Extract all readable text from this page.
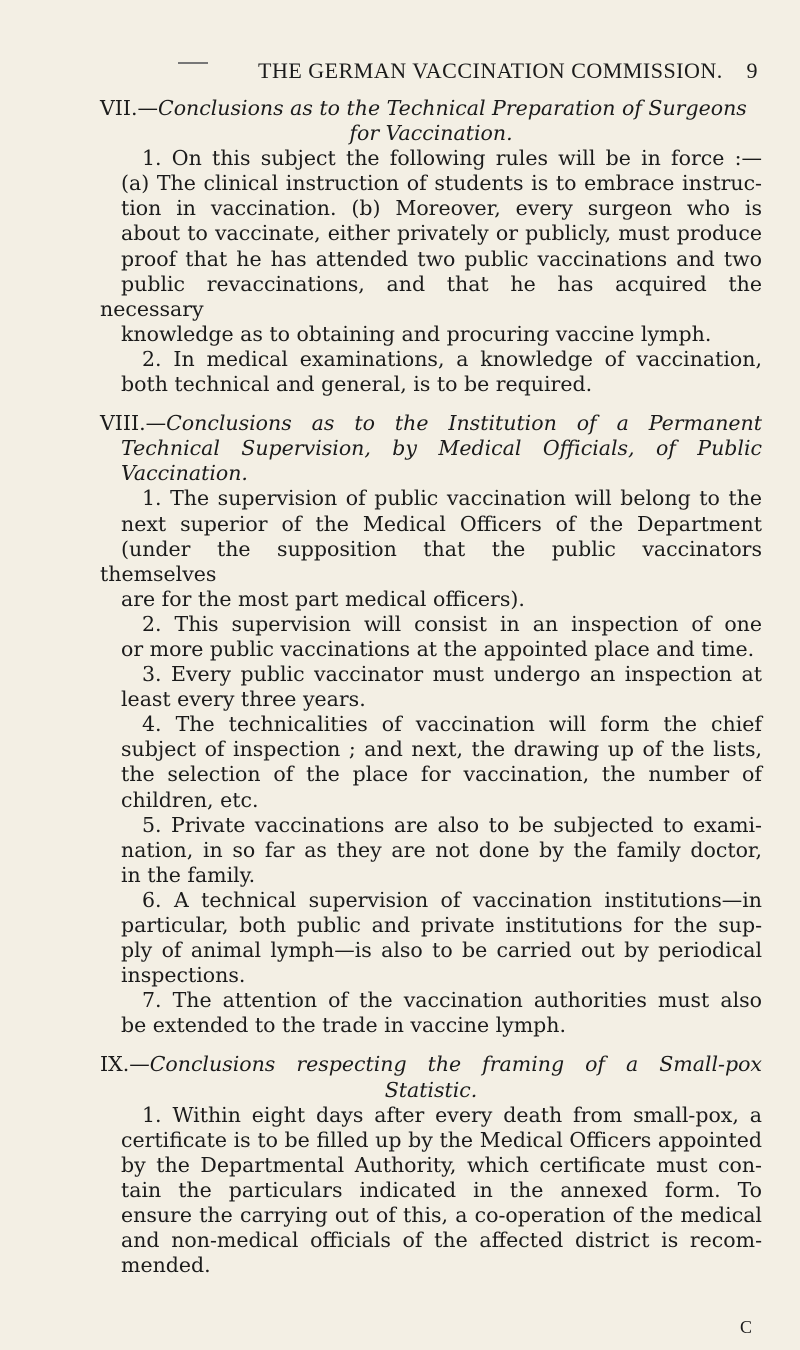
THE GERMAN VACCINATION COMMISSION. 9
VII.—Conclusions as to the Technical Preparation of Surgeons
for Vaccination.
1. On this subject the following rules will be in force :—
(a) The clinical instruction of students is to embrace instruc-
tion in vaccination. (b) Moreover, every surgeon who is
about to vaccinate, either privately or publicly, must produce
proof that he has attended two public vaccinations and two
public revaccinations, and that he has acquired the necessary
knowledge as to obtaining and procuring vaccine lymph.
2. In medical examinations, a knowledge of vaccination,
both technical and general, is to be required.
VIII.—Conclusions as to the Institution of a Permanent
Technical Supervision, by Medical Officials, of Public
Vaccination.
1. The supervision of public vaccination will belong to the
next superior of the Medical Officers of the Department
(under the supposition that the public vaccinators themselves
are for the most part medical officers).
2. This supervision will consist in an inspection of one
or more public vaccinations at the appointed place and time.
3. Every public vaccinator must undergo an inspection at
least every three years.
4. The technicalities of vaccination will form the chief
subject of inspection ; and next, the drawing up of the lists,
the selection of the place for vaccination, the number of
children, etc.
5. Private vaccinations are also to be subjected to exami-
nation, in so far as they are not done by the family doctor,
in the family.
6. A technical supervision of vaccination institutions—in
particular, both public and private institutions for the sup-
ply of animal lymph—is also to be carried out by periodical
inspections.
7. The attention of the vaccination authorities must also
be extended to the trade in vaccine lymph.
IX.—Conclusions respecting the framing of a Small-pox
Statistic.
1. Within eight days after every death from small-pox, a
certificate is to be filled up by the Medical Officers appointed
by the Departmental Authority, which certificate must con-
tain the particulars indicated in the annexed form. To
ensure the carrying out of this, a co-operation of the medical
and non-medical officials of the affected district is recom-
mended.
C
